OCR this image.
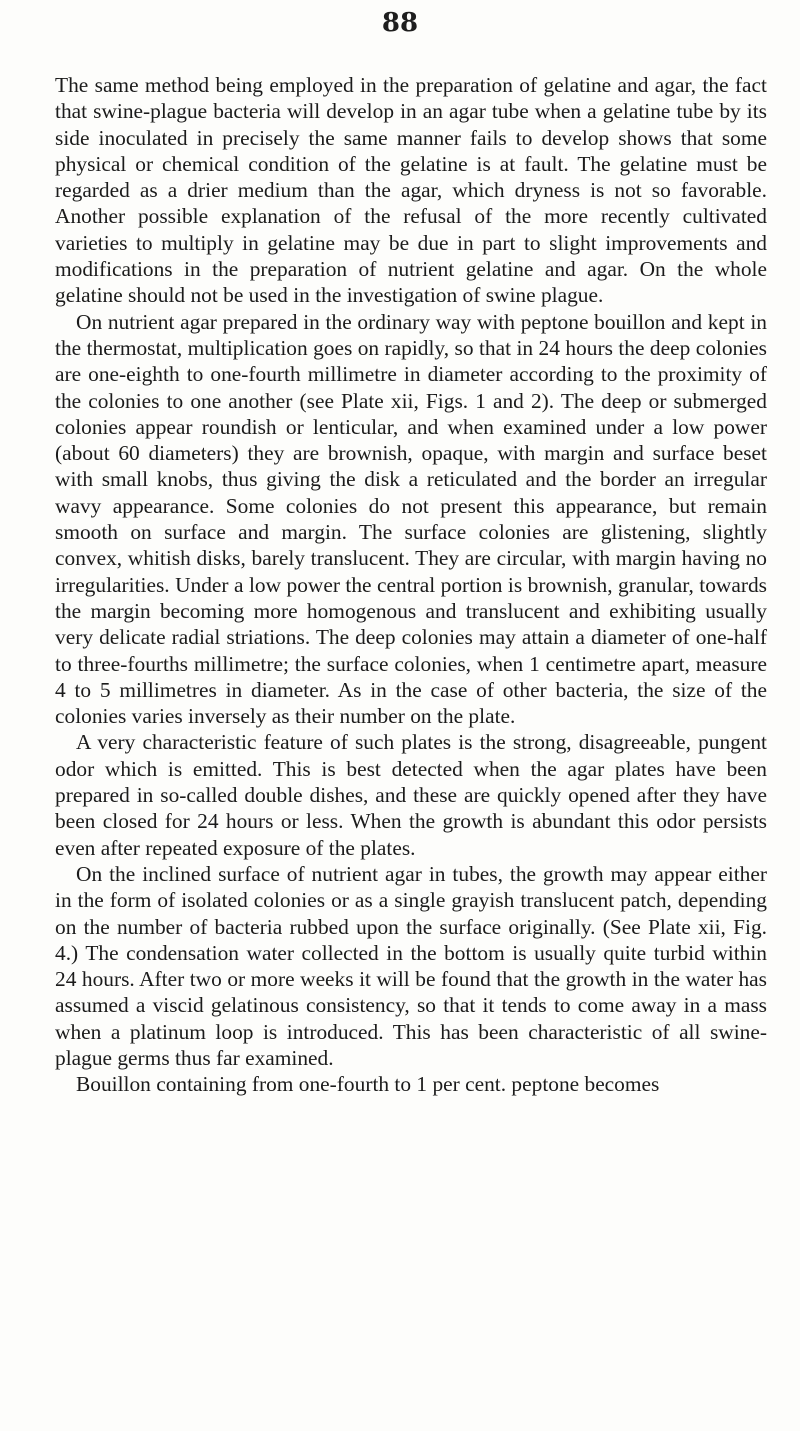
88

The same method being employed in the preparation of gelatine and agar, the fact that swine-plague bacteria will develop in an agar tube when a gelatine tube by its side inoculated in precisely the same manner fails to develop shows that some physical or chemical condition of the gelatine is at fault. The gelatine must be regarded as a drier medium than the agar, which dryness is not so favorable. Another possible explanation of the refusal of the more recently cultivated varieties to multiply in gelatine may be due in part to slight improvements and modifications in the preparation of nutrient gelatine and agar. On the whole gelatine should not be used in the investigation of swine plague.

On nutrient agar prepared in the ordinary way with peptone bouillon and kept in the thermostat, multiplication goes on rapidly, so that in 24 hours the deep colonies are one-eighth to one-fourth millimetre in diameter according to the proximity of the colonies to one another (see Plate xii, Figs. 1 and 2). The deep or submerged colonies appear roundish or lenticular, and when examined under a low power (about 60 diameters) they are brownish, opaque, with margin and surface beset with small knobs, thus giving the disk a reticulated and the border an irregular wavy appearance. Some colonies do not present this appearance, but remain smooth on surface and margin. The surface colonies are glistening, slightly convex, whitish disks, barely translucent. They are circular, with margin having no irregularities. Under a low power the central portion is brownish, granular, towards the margin becoming more homogenous and translucent and exhibiting usually very delicate radial striations. The deep colonies may attain a diameter of one-half to three-fourths millimetre; the surface colonies, when 1 centimetre apart, measure 4 to 5 millimetres in diameter. As in the case of other bacteria, the size of the colonies varies inversely as their number on the plate.

A very characteristic feature of such plates is the strong, disagreeable, pungent odor which is emitted. This is best detected when the agar plates have been prepared in so-called double dishes, and these are quickly opened after they have been closed for 24 hours or less. When the growth is abundant this odor persists even after repeated exposure of the plates.

On the inclined surface of nutrient agar in tubes, the growth may appear either in the form of isolated colonies or as a single grayish translucent patch, depending on the number of bacteria rubbed upon the surface originally. (See Plate xii, Fig. 4.) The condensation water collected in the bottom is usually quite turbid within 24 hours. After two or more weeks it will be found that the growth in the water has assumed a viscid gelatinous consistency, so that it tends to come away in a mass when a platinum loop is introduced. This has been characteristic of all swine-plague germs thus far examined.

Bouillon containing from one-fourth to 1 per cent. peptone becomes
